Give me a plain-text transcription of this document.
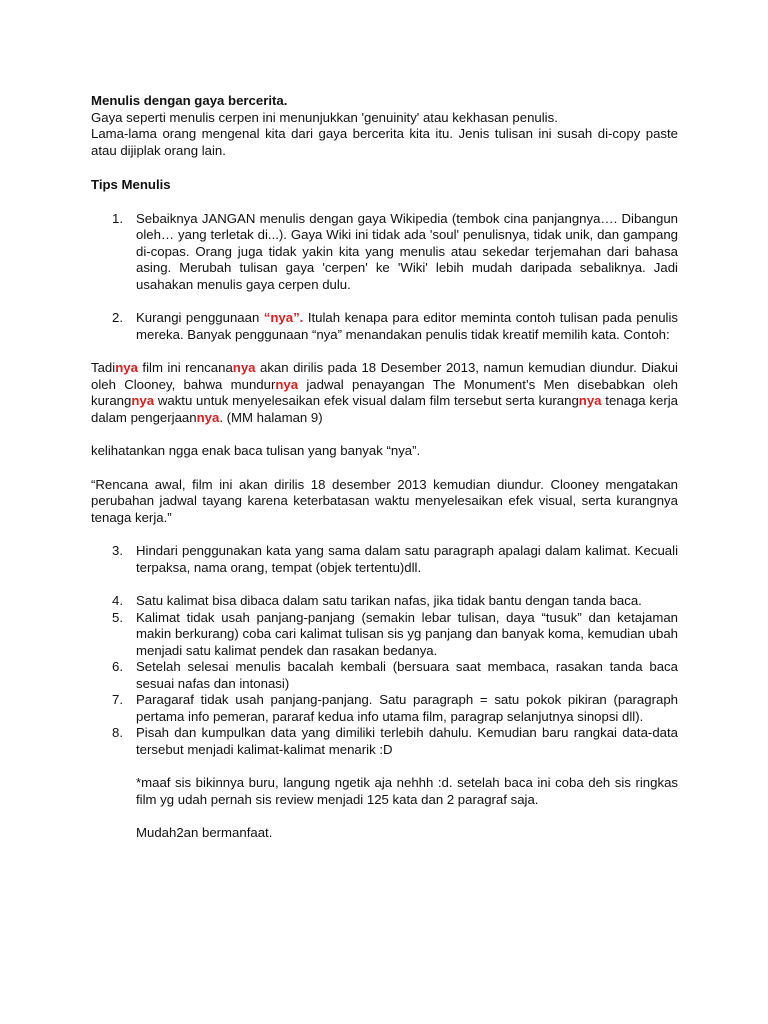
Menulis dengan gaya bercerita.

Gaya seperti menulis cerpen ini menunjukkan 'genuinity' atau kekhasan penulis.

Lama-lama orang mengenal kita dari gaya bercerita kita itu. Jenis tulisan ini susah di-copy paste atau dijiplak orang lain.

Tips Menulis

1. Sebaiknya JANGAN menulis dengan gaya Wikipedia (tembok cina panjangnya…. Dibangun oleh… yang terletak di...). Gaya Wiki ini tidak ada 'soul' penulisnya, tidak unik, dan gampang di-copas. Orang juga tidak yakin kita yang menulis atau sekedar terjemahan dari bahasa asing. Merubah tulisan gaya 'cerpen' ke 'Wiki' lebih mudah daripada sebaliknya. Jadi usahakan menulis gaya cerpen dulu.

2. Kurangi penggunaan “nya”. Itulah kenapa para editor meminta contoh tulisan pada penulis mereka. Banyak penggunaan “nya” menandakan penulis tidak kreatif memilih kata. Contoh:

Tadinya film ini rencananya akan dirilis pada 18 Desember 2013, namun kemudian diundur. Diakui oleh Clooney, bahwa mundurnya jadwal penayangan The Monument’s Men disebabkan oleh kurangnya waktu untuk menyelesaikan efek visual dalam film tersebut serta kurangnya tenaga kerja dalam pengerjaannya. (MM halaman 9)

kelihatankan ngga enak baca tulisan yang banyak “nya”.

“Rencana awal, film ini akan dirilis 18 desember 2013 kemudian diundur. Clooney mengatakan perubahan jadwal tayang karena keterbatasan waktu menyelesaikan efek visual, serta kurangnya tenaga kerja.”

3. Hindari penggunakan kata yang sama dalam satu paragraph apalagi dalam kalimat. Kecuali terpaksa, nama orang, tempat (objek tertentu)dll.

4. Satu kalimat bisa dibaca dalam satu tarikan nafas, jika tidak bantu dengan tanda baca.

5. Kalimat tidak usah panjang-panjang (semakin lebar tulisan, daya “tusuk” dan ketajaman makin berkurang) coba cari kalimat tulisan sis yg panjang dan banyak koma, kemudian ubah menjadi satu kalimat pendek dan rasakan bedanya.

6. Setelah selesai menulis bacalah kembali (bersuara saat membaca, rasakan tanda baca sesuai nafas dan intonasi)

7. Paragaraf tidak usah panjang-panjang. Satu paragraph = satu pokok pikiran (paragraph pertama info pemeran, pararaf kedua info utama film, paragrap selanjutnya sinopsi dll).

8. Pisah dan kumpulkan data yang dimiliki terlebih dahulu. Kemudian baru rangkai data-data tersebut menjadi kalimat-kalimat menarik :D

*maaf sis bikinnya buru, langung ngetik aja nehhh :d. setelah baca ini coba deh sis ringkas film yg udah pernah sis review menjadi 125 kata dan 2 paragraf saja.

Mudah2an bermanfaat.
